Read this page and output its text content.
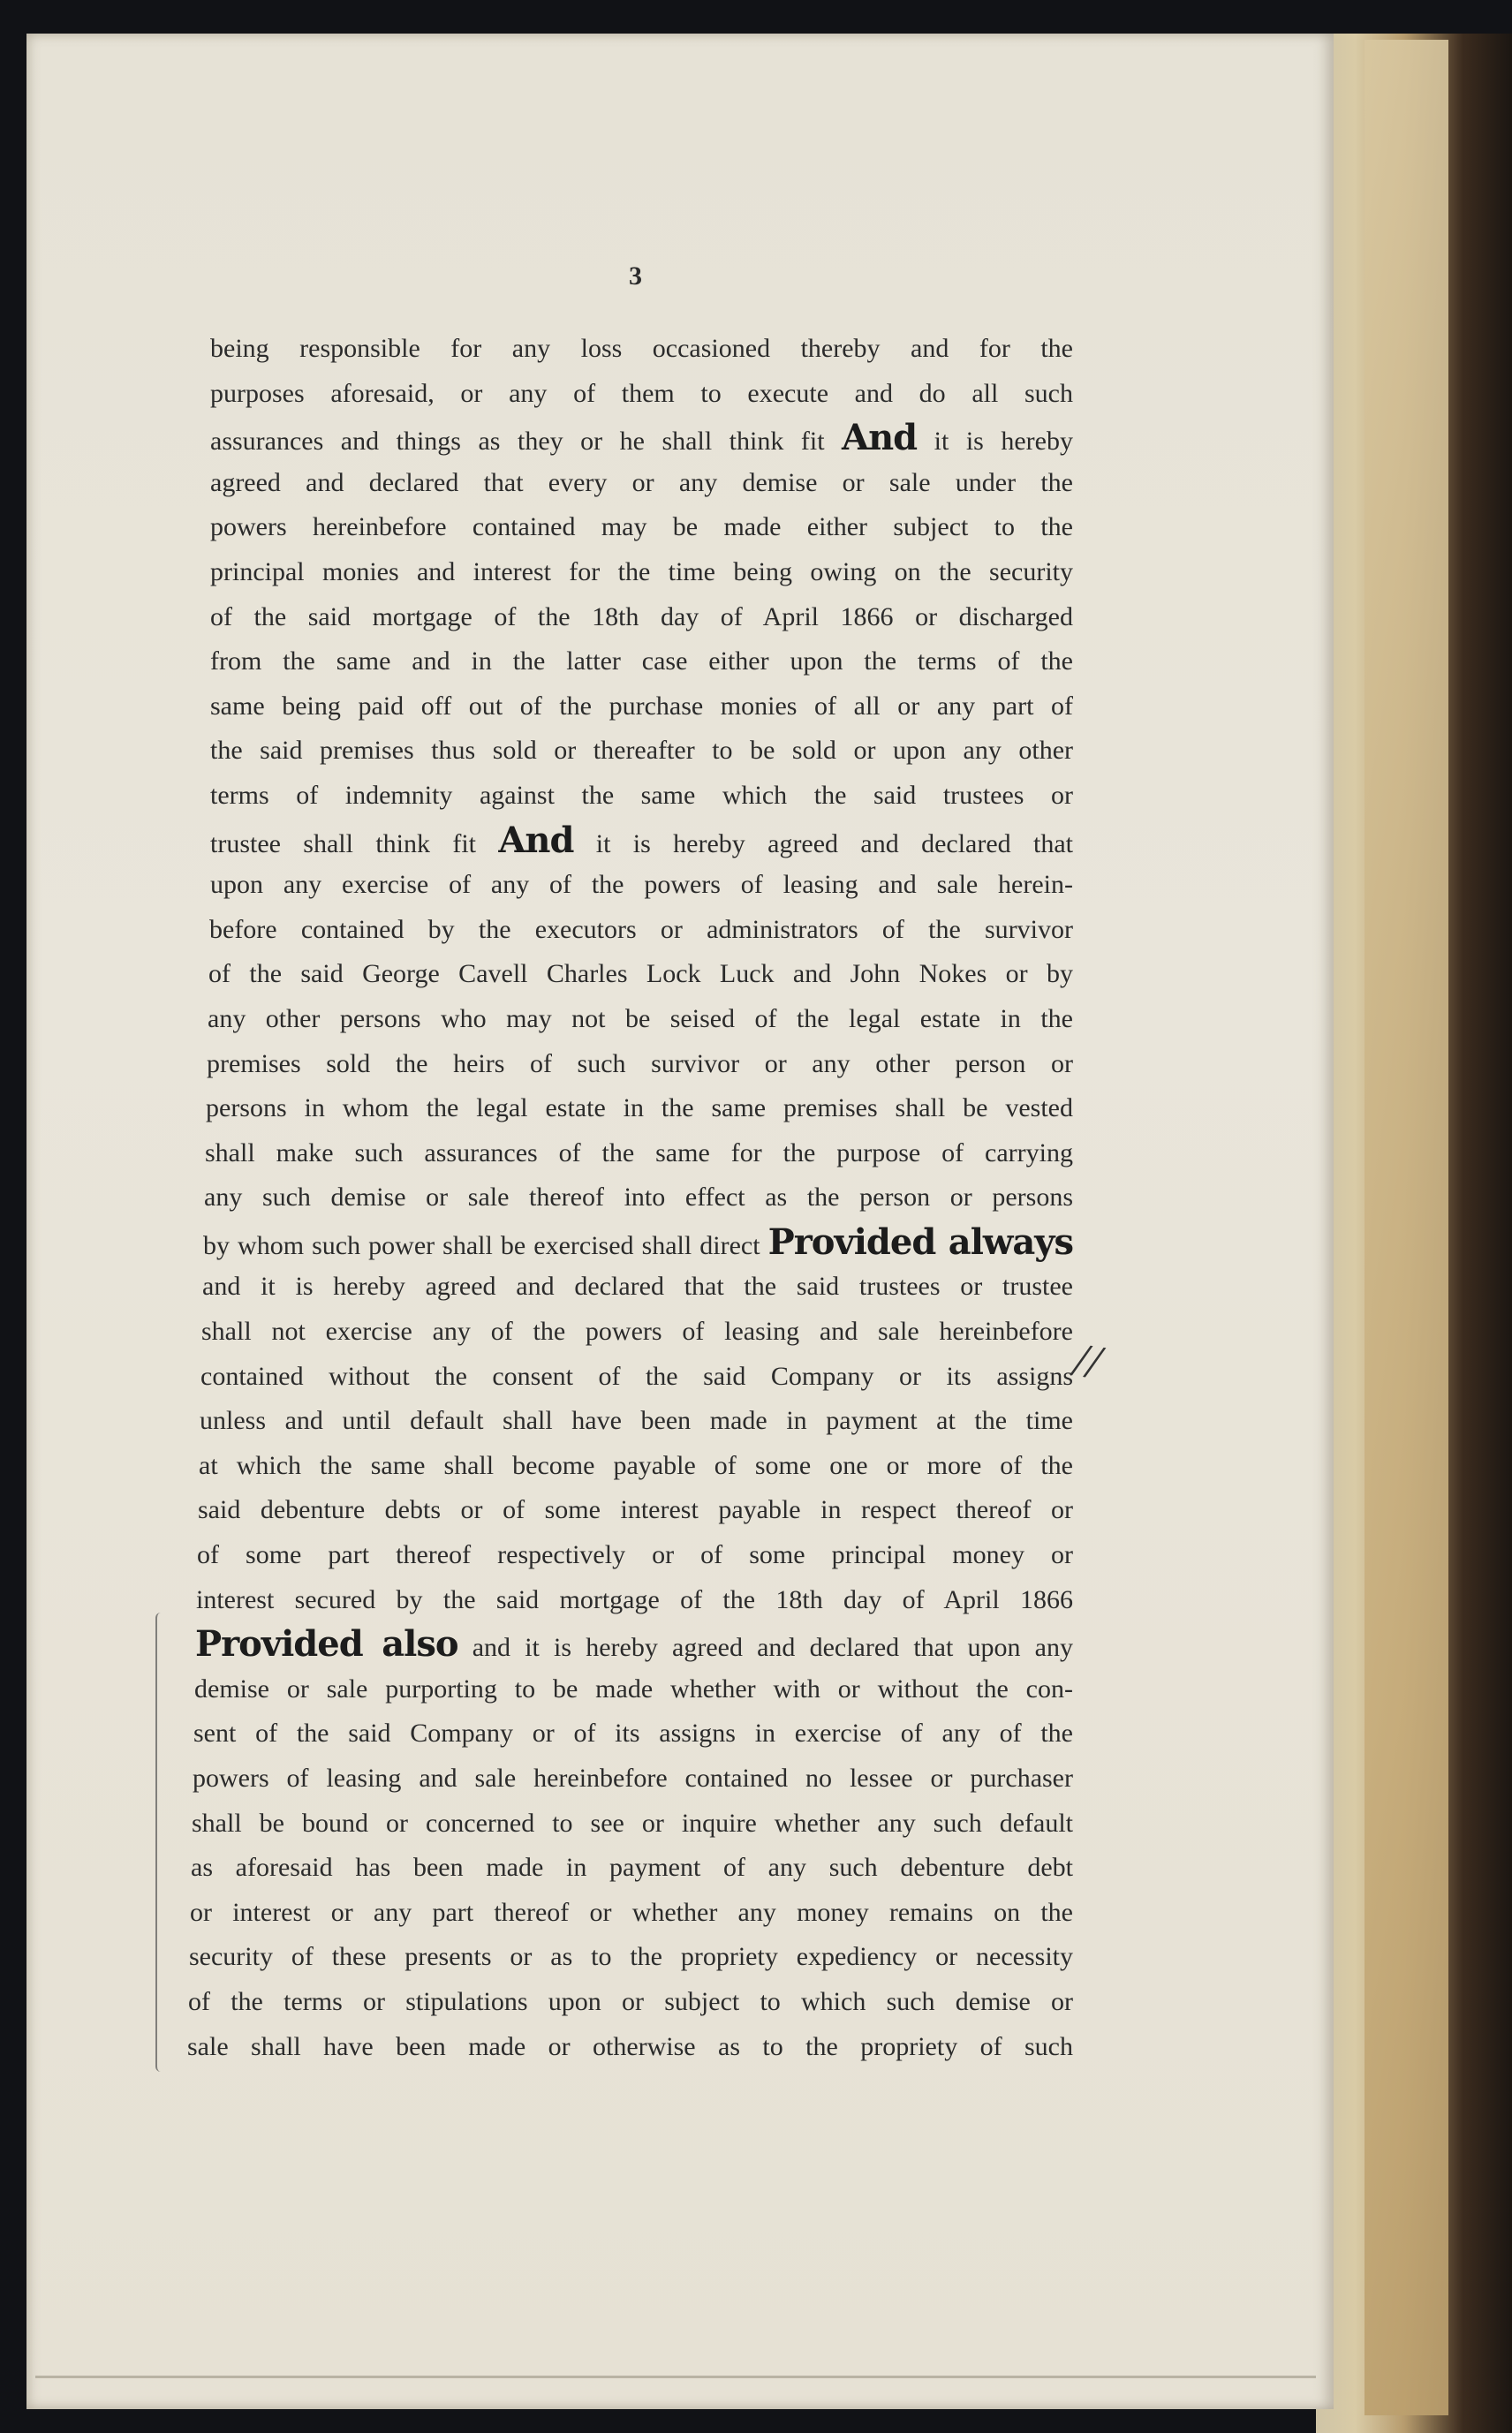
3
being responsible for any loss occasioned thereby and for the
purposes aforesaid, or any of them to execute and do all such
assurances and things as they or he shall think fit And it is hereby
agreed and declared that every or any demise or sale under the
powers hereinbefore contained may be made either subject to the
principal monies and interest for the time being owing on the security
of the said mortgage of the 18th day of April 1866 or discharged
from the same and in the latter case either upon the terms of the
same being paid off out of the purchase monies of all or any part of
the said premises thus sold or thereafter to be sold or upon any other
terms of indemnity against the same which the said trustees or
trustee shall think fit And it is hereby agreed and declared that
upon any exercise of any of the powers of leasing and sale herein-
before contained by the executors or administrators of the survivor
of the said George Cavell Charles Lock Luck and John Nokes or by
any other persons who may not be seised of the legal estate in the
premises sold the heirs of such survivor or any other person or
persons in whom the legal estate in the same premises shall be vested
shall make such assurances of the same for the purpose of carrying
any such demise or sale thereof into effect as the person or persons
by whom such power shall be exercised shall direct Provided always
and it is hereby agreed and declared that the said trustees or trustee
shall not exercise any of the powers of leasing and sale hereinbefore
contained without the consent of the said Company or its assigns
unless and until default shall have been made in payment at the time
at which the same shall become payable of some one or more of the
said debenture debts or of some interest payable in respect thereof or
of some part thereof respectively or of some principal money or
interest secured by the said mortgage of the 18th day of April 1866
Provided also and it is hereby agreed and declared that upon any
demise or sale purporting to be made whether with or without the con-
sent of the said Company or of its assigns in exercise of any of the
powers of leasing and sale hereinbefore contained no lessee or purchaser
shall be bound or concerned to see or inquire whether any such default
as aforesaid has been made in payment of any such debenture debt
or interest or any part thereof or whether any money remains on the
security of these presents or as to the propriety expediency or necessity
of the terms or stipulations upon or subject to which such demise or
sale shall have been made or otherwise as to the propriety of such
//
